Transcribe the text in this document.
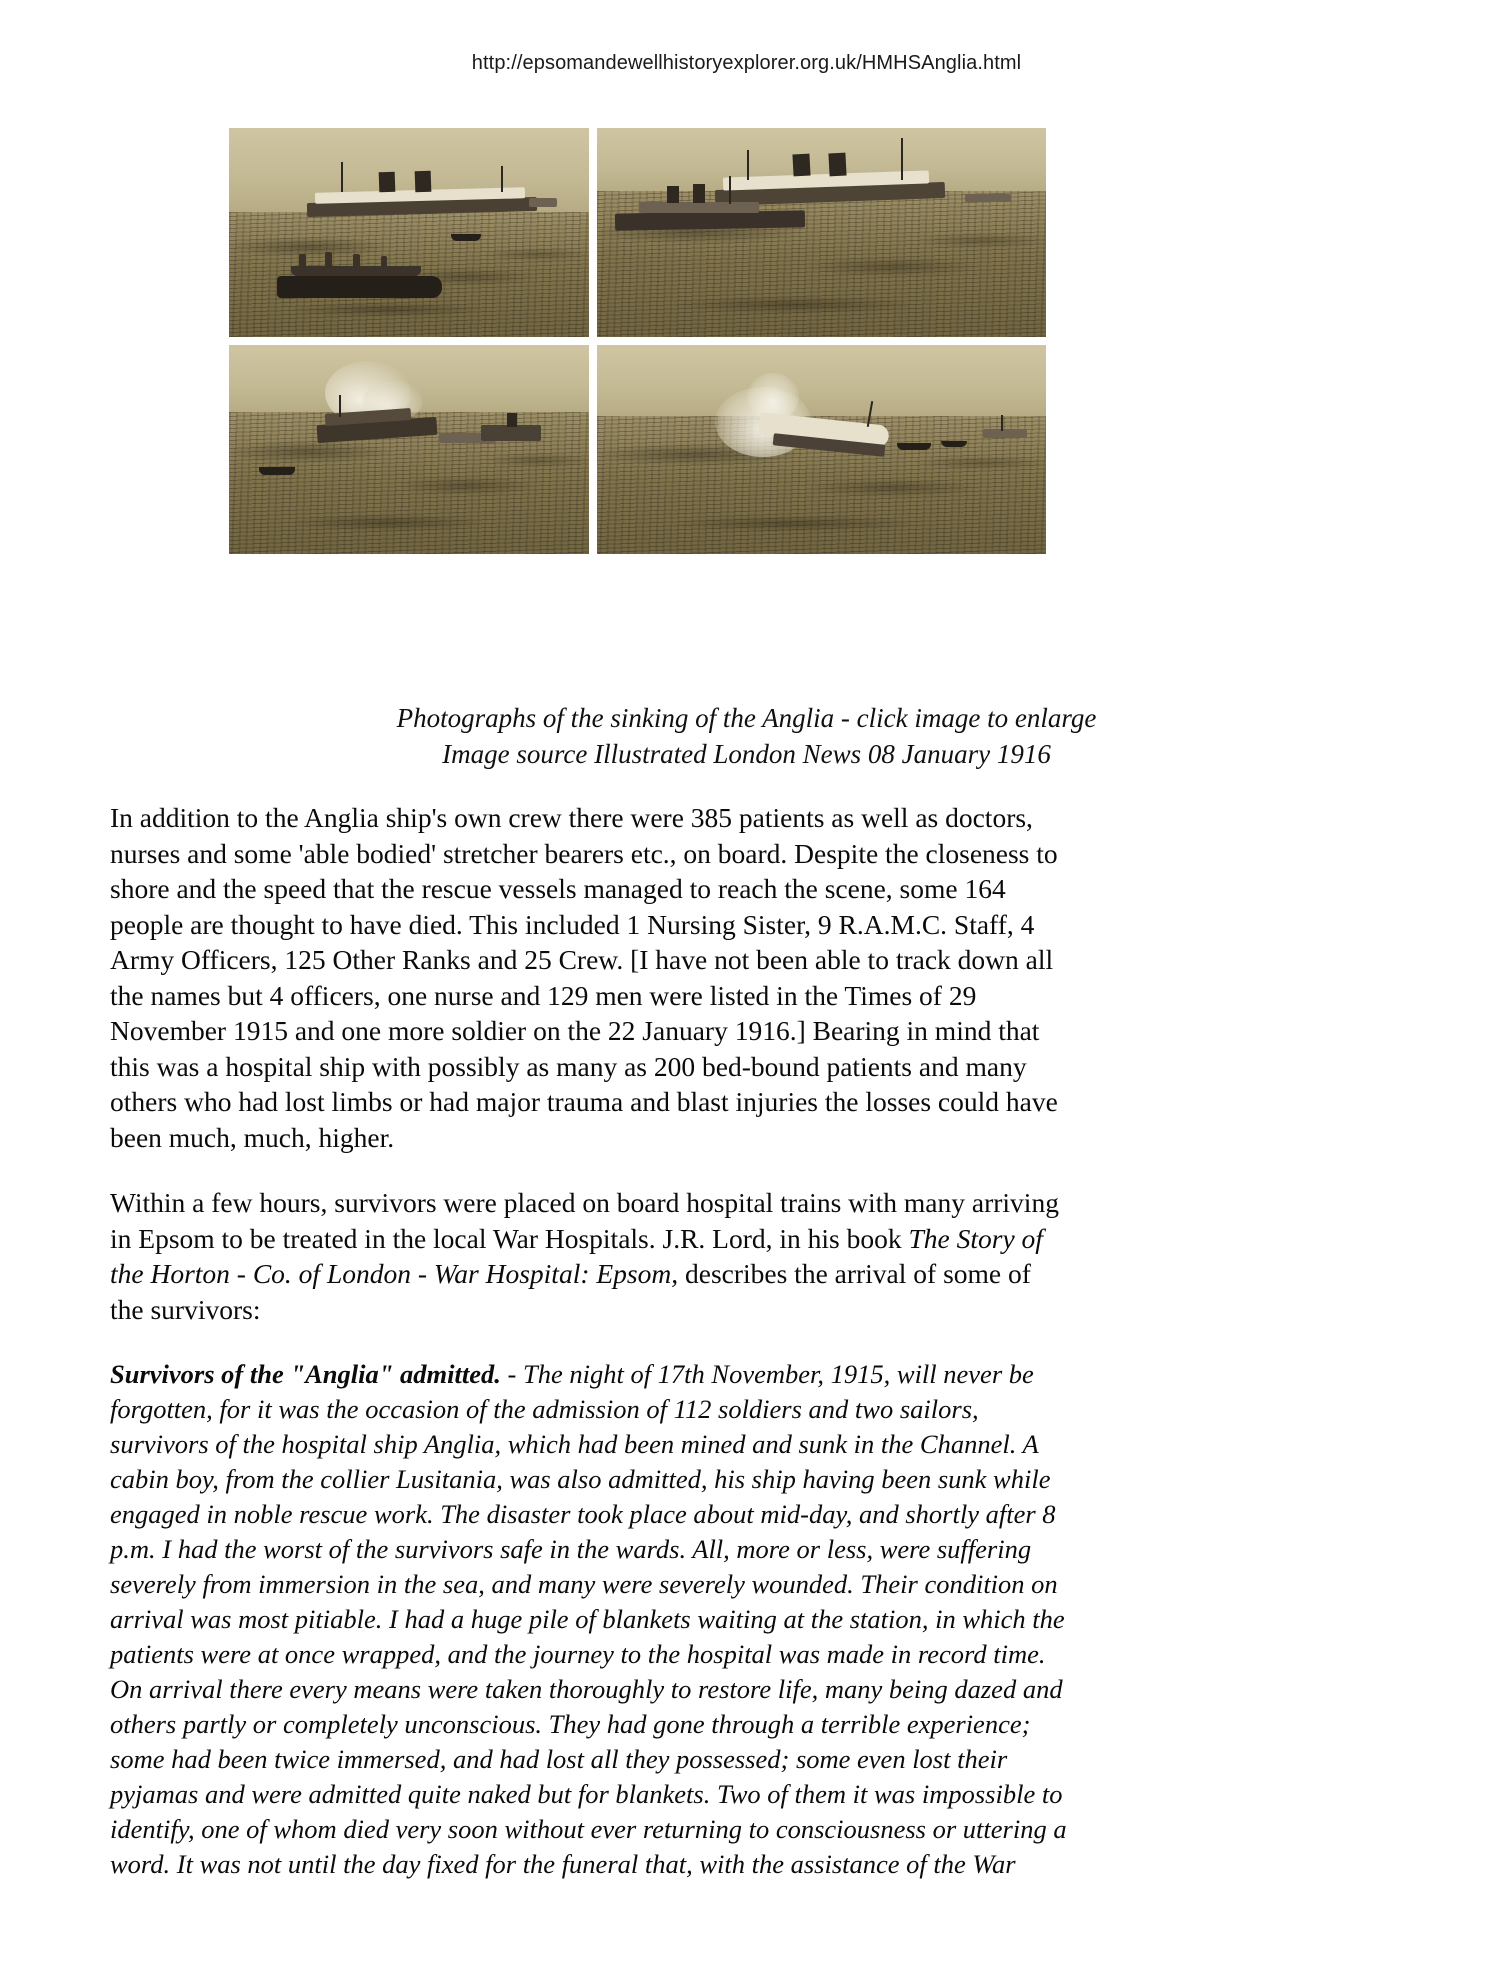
http://epsomandewellhistoryexplorer.org.uk/HMHSAnglia.html
Photographs of the sinking of the Anglia - click image to enlarge
Image source Illustrated London News 08 January 1916

In addition to the Anglia ship's own crew there were 385 patients as well as doctors, nurses and some 'able bodied' stretcher bearers etc., on board. Despite the closeness to shore and the speed that the rescue vessels managed to reach the scene, some 164 people are thought to have died. This included 1 Nursing Sister, 9 R.A.M.C. Staff, 4 Army Officers, 125 Other Ranks and 25 Crew. [I have not been able to track down all the names but 4 officers, one nurse and 129 men were listed in the Times of 29 November 1915 and one more soldier on the 22 January 1916.] Bearing in mind that this was a hospital ship with possibly as many as 200 bed-bound patients and many others who had lost limbs or had major trauma and blast injuries the losses could have been much, much, higher.

Within a few hours, survivors were placed on board hospital trains with many arriving in Epsom to be treated in the local War Hospitals. J.R. Lord, in his book The Story of the Horton - Co. of London - War Hospital: Epsom, describes the arrival of some of the survivors:

Survivors of the "Anglia" admitted. - The night of 17th November, 1915, will never be forgotten, for it was the occasion of the admission of 112 soldiers and two sailors, survivors of the hospital ship Anglia, which had been mined and sunk in the Channel. A cabin boy, from the collier Lusitania, was also admitted, his ship having been sunk while engaged in noble rescue work. The disaster took place about mid-day, and shortly after 8 p.m. I had the worst of the survivors safe in the wards. All, more or less, were suffering severely from immersion in the sea, and many were severely wounded. Their condition on arrival was most pitiable. I had a huge pile of blankets waiting at the station, in which the patients were at once wrapped, and the journey to the hospital was made in record time. On arrival there every means were taken thoroughly to restore life, many being dazed and others partly or completely unconscious. They had gone through a terrible experience; some had been twice immersed, and had lost all they possessed; some even lost their pyjamas and were admitted quite naked but for blankets. Two of them it was impossible to identify, one of whom died very soon without ever returning to consciousness or uttering a word. It was not until the day fixed for the funeral that, with the assistance of the War
